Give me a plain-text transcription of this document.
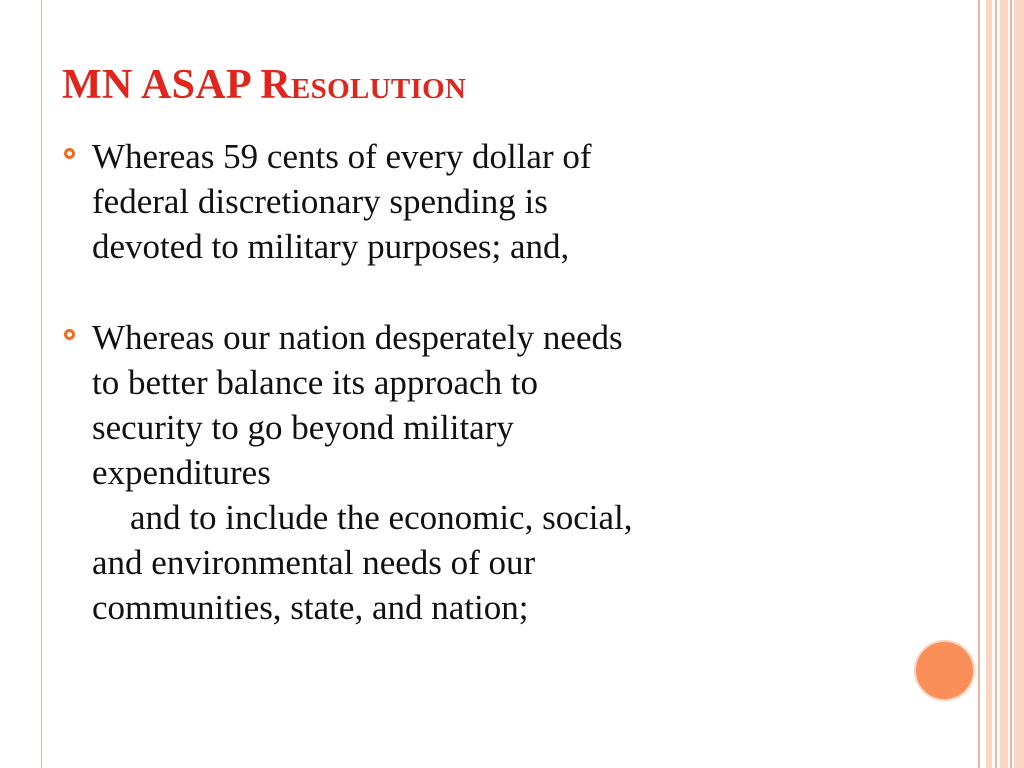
MN ASAP Resolution
Whereas 59 cents of every dollar of
federal discretionary spending is
devoted to military purposes; and,
Whereas our nation desperately needs
to better balance its approach to
security to go beyond military
expenditures
and to include the economic, social,
and environmental needs of our
communities, state, and nation;
